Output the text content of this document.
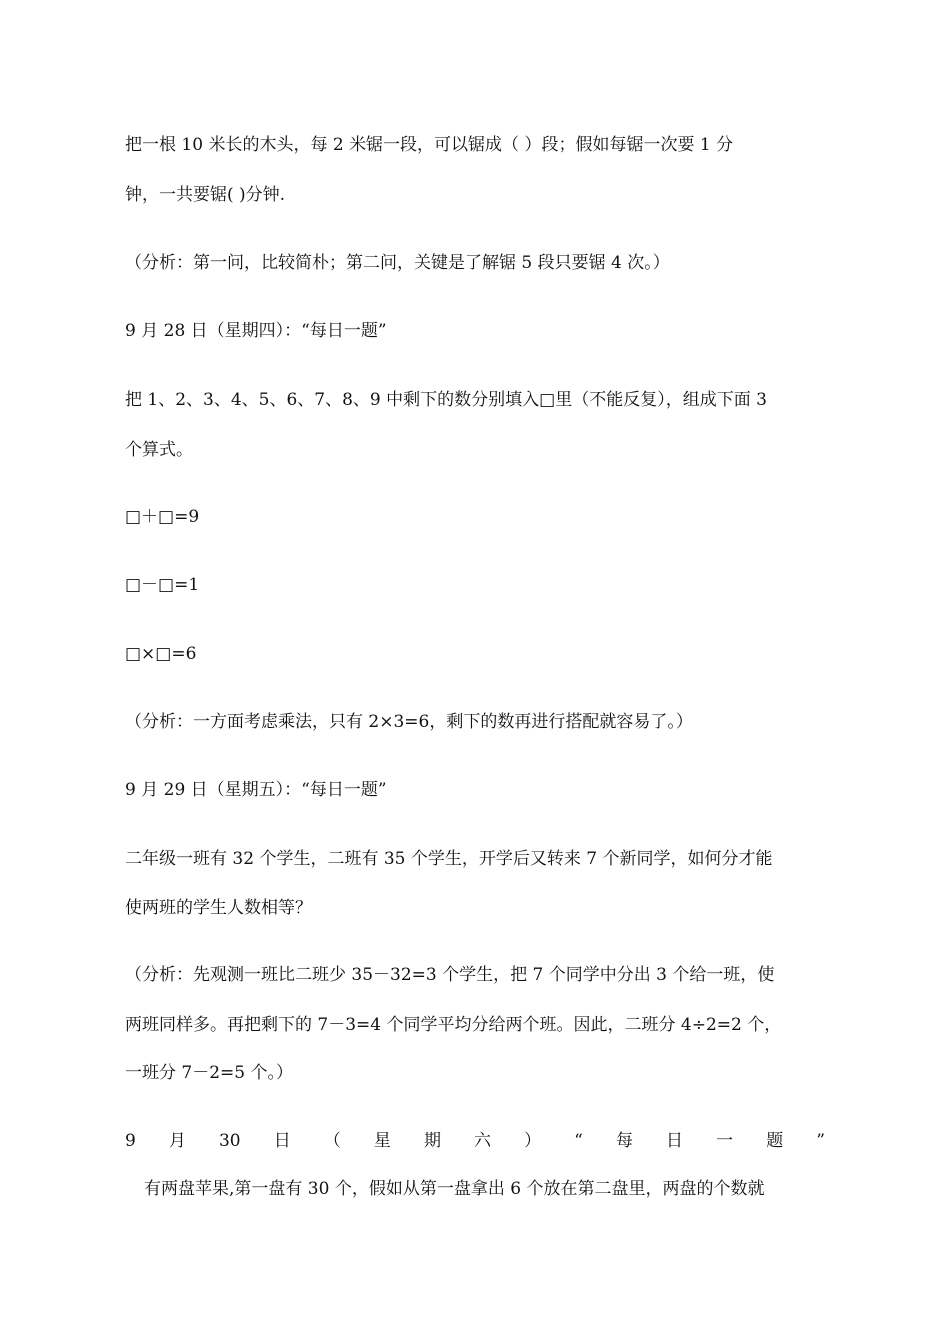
把一根 10 米长的木头，每 2 米锯一段，可以锯成（ ）段；假如每锯一次要 1 分
钟，一共要锯( )分钟.
（分析：第一问，比较简朴；第二问，关键是了解锯 5 段只要锯 4 次。）
9 月 28 日（星期四）：“每日一题”
把 1、2、3、4、5、6、7、8、9 中剩下的数分别填入□里（不能反复），组成下面 3
个算式。
□＋□=9
□－□=1
□×□=6
（分析：一方面考虑乘法，只有 2×3=6，剩下的数再进行搭配就容易了。）
9 月 29 日（星期五）：“每日一题”
二年级一班有 32 个学生，二班有 35 个学生，开学后又转来 7 个新同学，如何分才能
使两班的学生人数相等？
（分析：先观测一班比二班少 35－32=3 个学生，把 7 个同学中分出 3 个给一班，使
两班同样多。再把剩下的 7－3=4 个同学平均分给两个班。因此，二班分 4÷2=2 个，
一班分 7－2=5 个。）
9 月 30 日 （ 星 期 六 ） “ 每 日 一 题 ”
有两盘苹果,第一盘有 30 个，假如从第一盘拿出 6 个放在第二盘里，两盘的个数就
